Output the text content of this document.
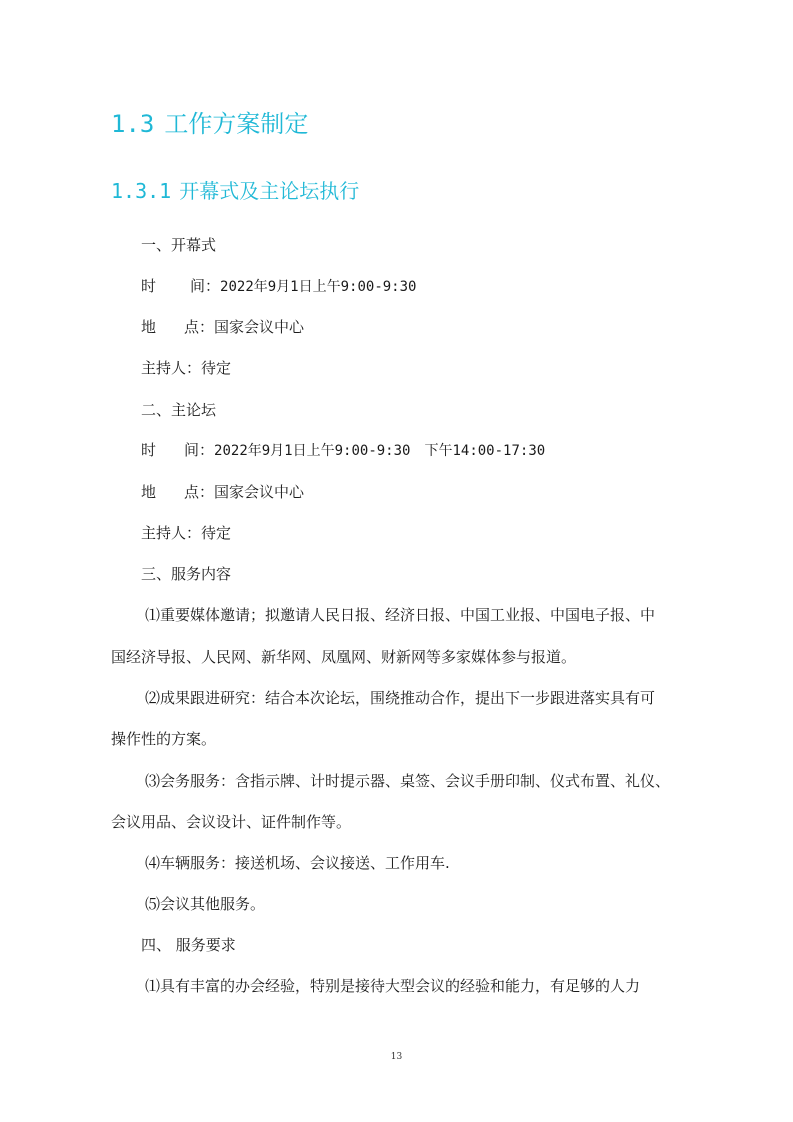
1.3 工作方案制定
1.3.1 开幕式及主论坛执行
一、开幕式
时 间：2022年9月1日上午9:00-9:30
地 点：国家会议中心
主持人：待定
二、主论坛
时 间：2022年9月1日上午9:00-9:30 下午14:00-17:30
地 点：国家会议中心
主持人：待定
三、服务内容
⑴重要媒体邀请；拟邀请人民日报、经济日报、中国工业报、中国电子报、中
国经济导报、人民网、新华网、凤凰网、财新网等多家媒体参与报道。
⑵成果跟进研究：结合本次论坛，围绕推动合作，提出下一步跟进落实具有可
操作性的方案。
⑶会务服务：含指示牌、计时提示器、桌签、会议手册印制、仪式布置、礼仪、
会议用品、会议设计、证件制作等。
⑷车辆服务：接送机场、会议接送、工作用车.
⑸会议其他服务。
四、 服务要求
⑴具有丰富的办会经验，特别是接待大型会议的经验和能力，有足够的人力
13
